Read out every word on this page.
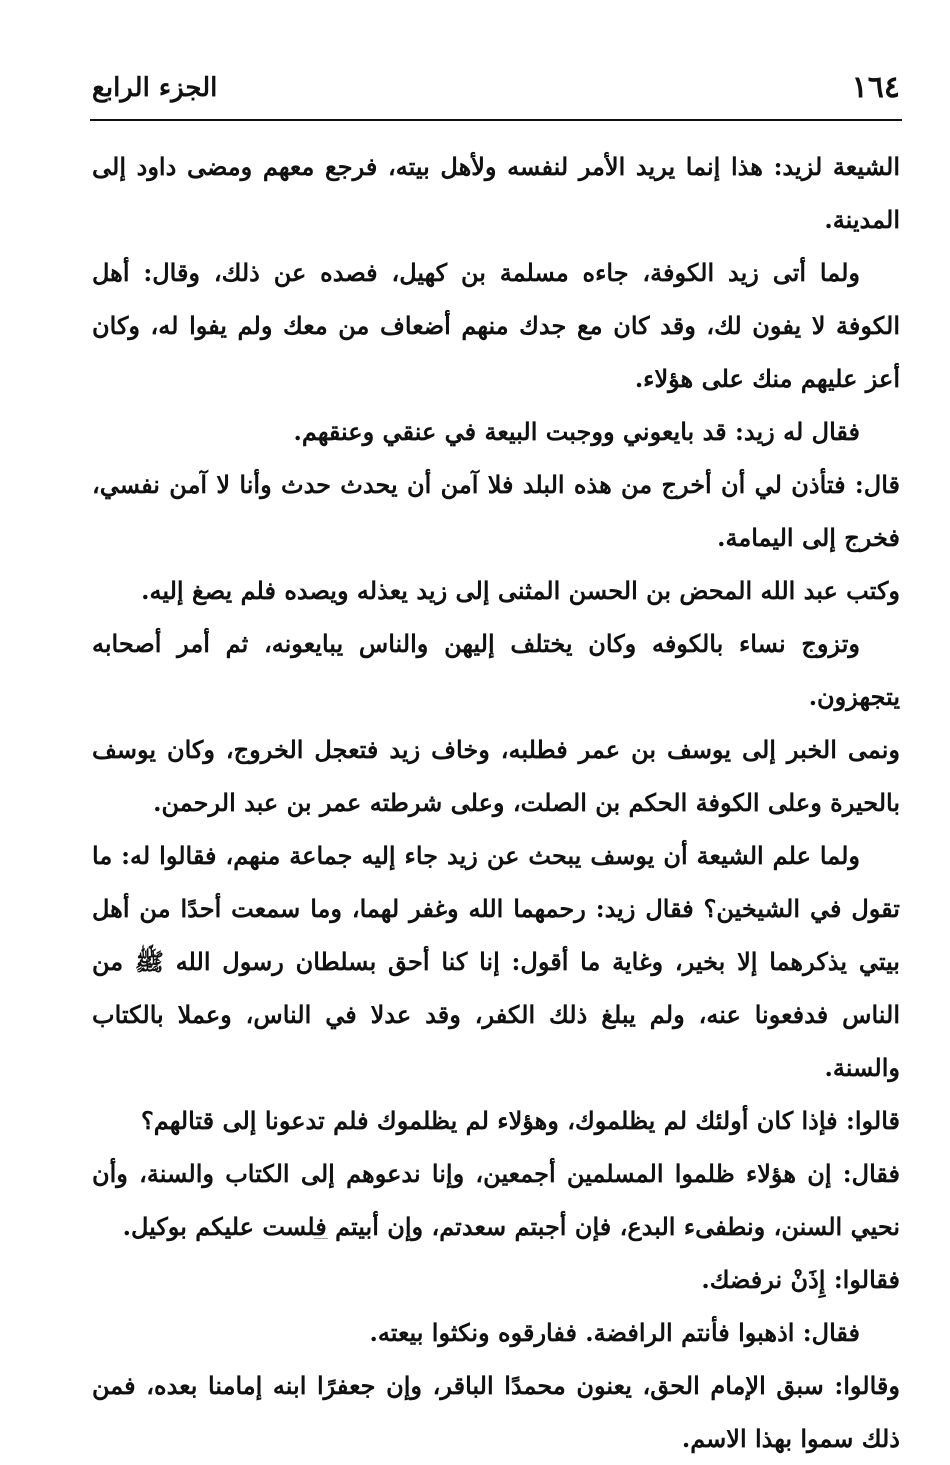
١٦٤
الجزء الرابع

الشيعة لزيد: هذا إنما يريد الأمر لنفسه ولأهل بيته، فرجع معهم ومضى داود إلى المدينة.

ولما أتى زيد الكوفة، جاءه مسلمة بن كهيل، فصده عن ذلك، وقال: أهل الكوفة لا يفون لك، وقد كان مع جدك منهم أضعاف من معك ولم يفوا له، وكان أعز عليهم منك على هؤلاء.

فقال له زيد: قد بايعوني ووجبت البيعة في عنقي وعنقهم.

قال: فتأذن لي أن أخرج من هذه البلد فلا آمن أن يحدث حدث وأنا لا آمن نفسي، فخرج إلى اليمامة.

وكتب عبد الله المحض بن الحسن المثنى إلى زيد يعذله ويصده فلم يصغ إليه.

وتزوج نساء بالكوفه وكان يختلف إليهن والناس يبايعونه، ثم أمر أصحابه يتجهزون.

ونمى الخبر إلى يوسف بن عمر فطلبه، وخاف زيد فتعجل الخروج، وكان يوسف بالحيرة وعلى الكوفة الحكم بن الصلت، وعلى شرطته عمر بن عبد الرحمن.

ولما علم الشيعة أن يوسف يبحث عن زيد جاء إليه جماعة منهم، فقالوا له: ما تقول في الشيخين؟ فقال زيد: رحمهما الله وغفر لهما، وما سمعت أحدًا من أهل بيتي يذكرهما إلا بخير، وغاية ما أقول: إنا كنا أحق بسلطان رسول الله ﷺ من الناس فدفعونا عنه، ولم يبلغ ذلك الكفر، وقد عدلا في الناس، وعملا بالكتاب والسنة.

قالوا: فإذا كان أولئك لم يظلموك، وهؤلاء لم يظلموك فلم تدعونا إلى قتالهم؟

فقال: إن هؤلاء ظلموا المسلمين أجمعين، وإنا ندعوهم إلى الكتاب والسنة، وأن نحيي السنن، ونطفىء البدع، فإن أجبتم سعدتم، وإن أبيتم فلست عليكم بوكيل.

فقالوا: إِذَنْ نرفضك.

فقال: اذهبوا فأنتم الرافضة. ففارقوه ونكثوا بيعته.

وقالوا: سبق الإمام الحق، يعنون محمدًا الباقر، وإن جعفرًا ابنه إمامنا بعده، فمن ذلك سموا بهذا الاسم.
